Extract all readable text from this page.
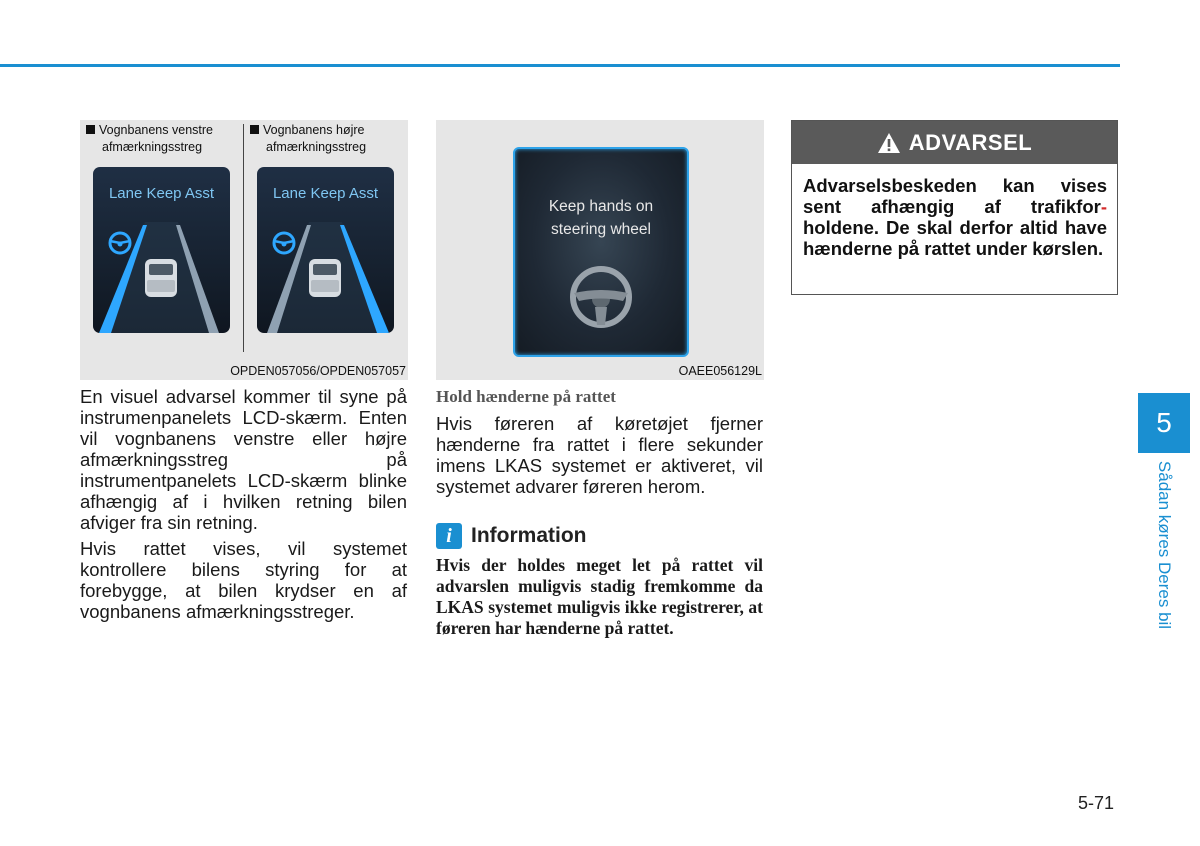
Vognbanens venstre
afmærkningsstreg
Vognbanens højre
afmærkningsstreg
Lane Keep Asst	Lane Keep Asst
OPDEN057056/OPDEN057057
Keep hands on
steering wheel
OAEE056129L

En visuel advarsel kommer til syne på instrumenpanelets LCD-skærm. Enten vil vognbanens venstre eller højre afmærkningsstreg på instrumentpanelets LCD-skærm blinke afhængig af i hvilken retning bilen afviger fra sin retning.

Hvis rattet vises, vil systemet kontrollere bilens styring for at forebygge, at bilen krydser en af vognbanens afmærkningsstreger.

Hold hænderne på rattet

Hvis føreren af køretøjet fjerner hænderne fra rattet i flere sekunder imens LKAS systemet er aktiveret, vil systemet advarer føreren herom.

i Information

Hvis der holdes meget let på rattet vil advarslen muligvis stadig fremkomme da LKAS systemet muligvis ikke registrerer, at føreren har hænderne på rattet.

ADVARSEL
Advarselsbeskeden kan vises sent afhængig af trafikfor-holdene. De skal derfor altid have hænderne på rattet under kørslen.
5
Sådan køres Deres bil
5-71
